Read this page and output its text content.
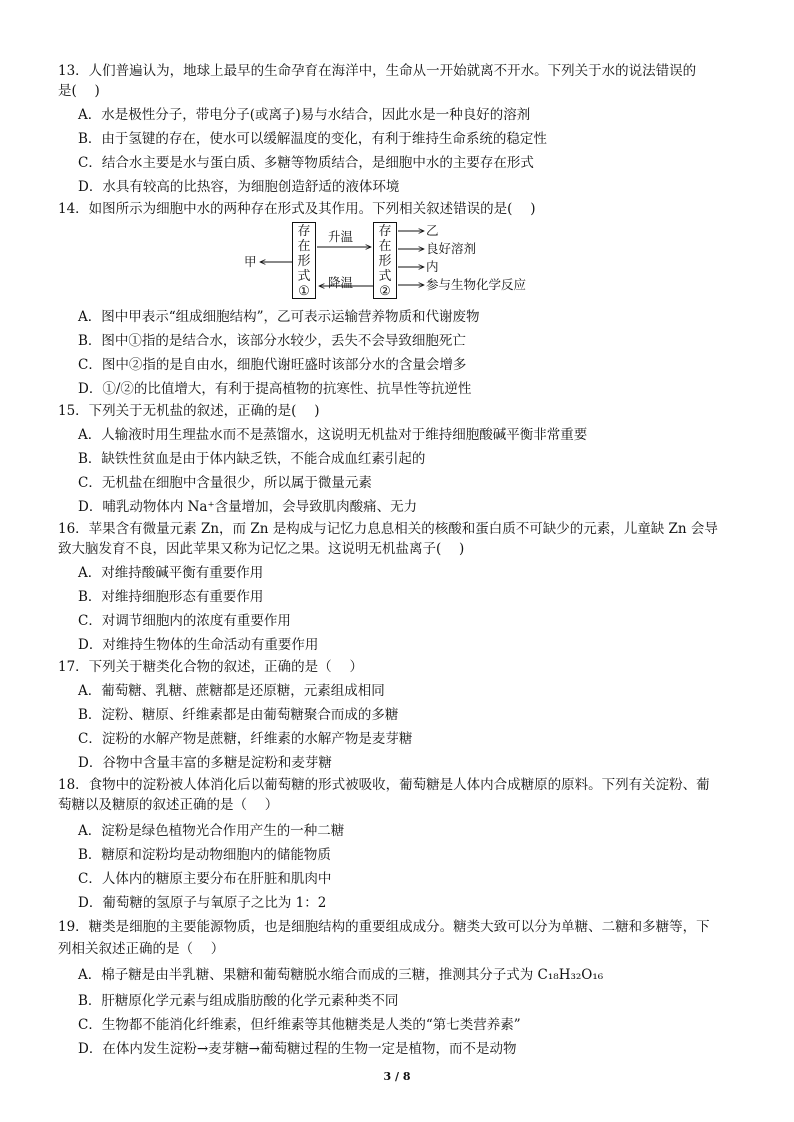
13．人们普遍认为，地球上最早的生命孕育在海洋中，生命从一开始就离不开水。下列关于水的说法错误的
是(　 )
A．水是极性分子，带电分子(或离子)易与水结合，因此水是一种良好的溶剂
B．由于氢键的存在，使水可以缓解温度的变化，有利于维持生命系统的稳定性
C．结合水主要是水与蛋白质、多糖等物质结合，是细胞中水的主要存在形式
D．水具有较高的比热容，为细胞创造舒适的液体环境
14．如图所示为细胞中水的两种存在形式及其作用。下列相关叙述错误的是(　 )
甲
存
在
形
式
①
存
在
形
式
②
升温
降温
乙
良好溶剂
内
参与生物化学反应
A．图中甲表示“组成细胞结构”，乙可表示运输营养物质和代谢废物
B．图中①指的是结合水，该部分水较少，丢失不会导致细胞死亡
C．图中②指的是自由水，细胞代谢旺盛时该部分水的含量会增多
D．①/②的比值增大，有利于提高植物的抗寒性、抗旱性等抗逆性
15．下列关于无机盐的叙述，正确的是(　 )
A．人输液时用生理盐水而不是蒸馏水，这说明无机盐对于维持细胞酸碱平衡非常重要
B．缺铁性贫血是由于体内缺乏铁，不能合成血红素引起的
C．无机盐在细胞中含量很少，所以属于微量元素
D．哺乳动物体内 Na⁺含量增加，会导致肌肉酸痛、无力
16．苹果含有微量元素 Zn，而 Zn 是构成与记忆力息息相关的核酸和蛋白质不可缺少的元素，儿童缺 Zn 会导
致大脑发育不良，因此苹果又称为记忆之果。这说明无机盐离子(　 )
A．对维持酸碱平衡有重要作用
B．对维持细胞形态有重要作用
C．对调节细胞内的浓度有重要作用
D．对维持生物体的生命活动有重要作用
17．下列关于糖类化合物的叙述，正确的是（　 ）
A．葡萄糖、乳糖、蔗糖都是还原糖，元素组成相同
B．淀粉、糖原、纤维素都是由葡萄糖聚合而成的多糖
C．淀粉的水解产物是蔗糖，纤维素的水解产物是麦芽糖
D．谷物中含量丰富的多糖是淀粉和麦芽糖
18．食物中的淀粉被人体消化后以葡萄糖的形式被吸收，葡萄糖是人体内合成糖原的原料。下列有关淀粉、葡
萄糖以及糖原的叙述正确的是（　 ）
A．淀粉是绿色植物光合作用产生的一种二糖
B．糖原和淀粉均是动物细胞内的储能物质
C．人体内的糖原主要分布在肝脏和肌肉中
D．葡萄糖的氢原子与氧原子之比为 1：2
19．糖类是细胞的主要能源物质，也是细胞结构的重要组成成分。糖类大致可以分为单糖、二糖和多糖等，下
列相关叙述正确的是（　 ）
A．棉子糖是由半乳糖、果糖和葡萄糖脱水缩合而成的三糖，推测其分子式为 C₁₈H₃₂O₁₆
B．肝糖原化学元素与组成脂肪酸的化学元素种类不同
C．生物都不能消化纤维素，但纤维素等其他糖类是人类的“第七类营养素”
D．在体内发生淀粉→麦芽糖→葡萄糖过程的生物一定是植物，而不是动物
3 / 8
